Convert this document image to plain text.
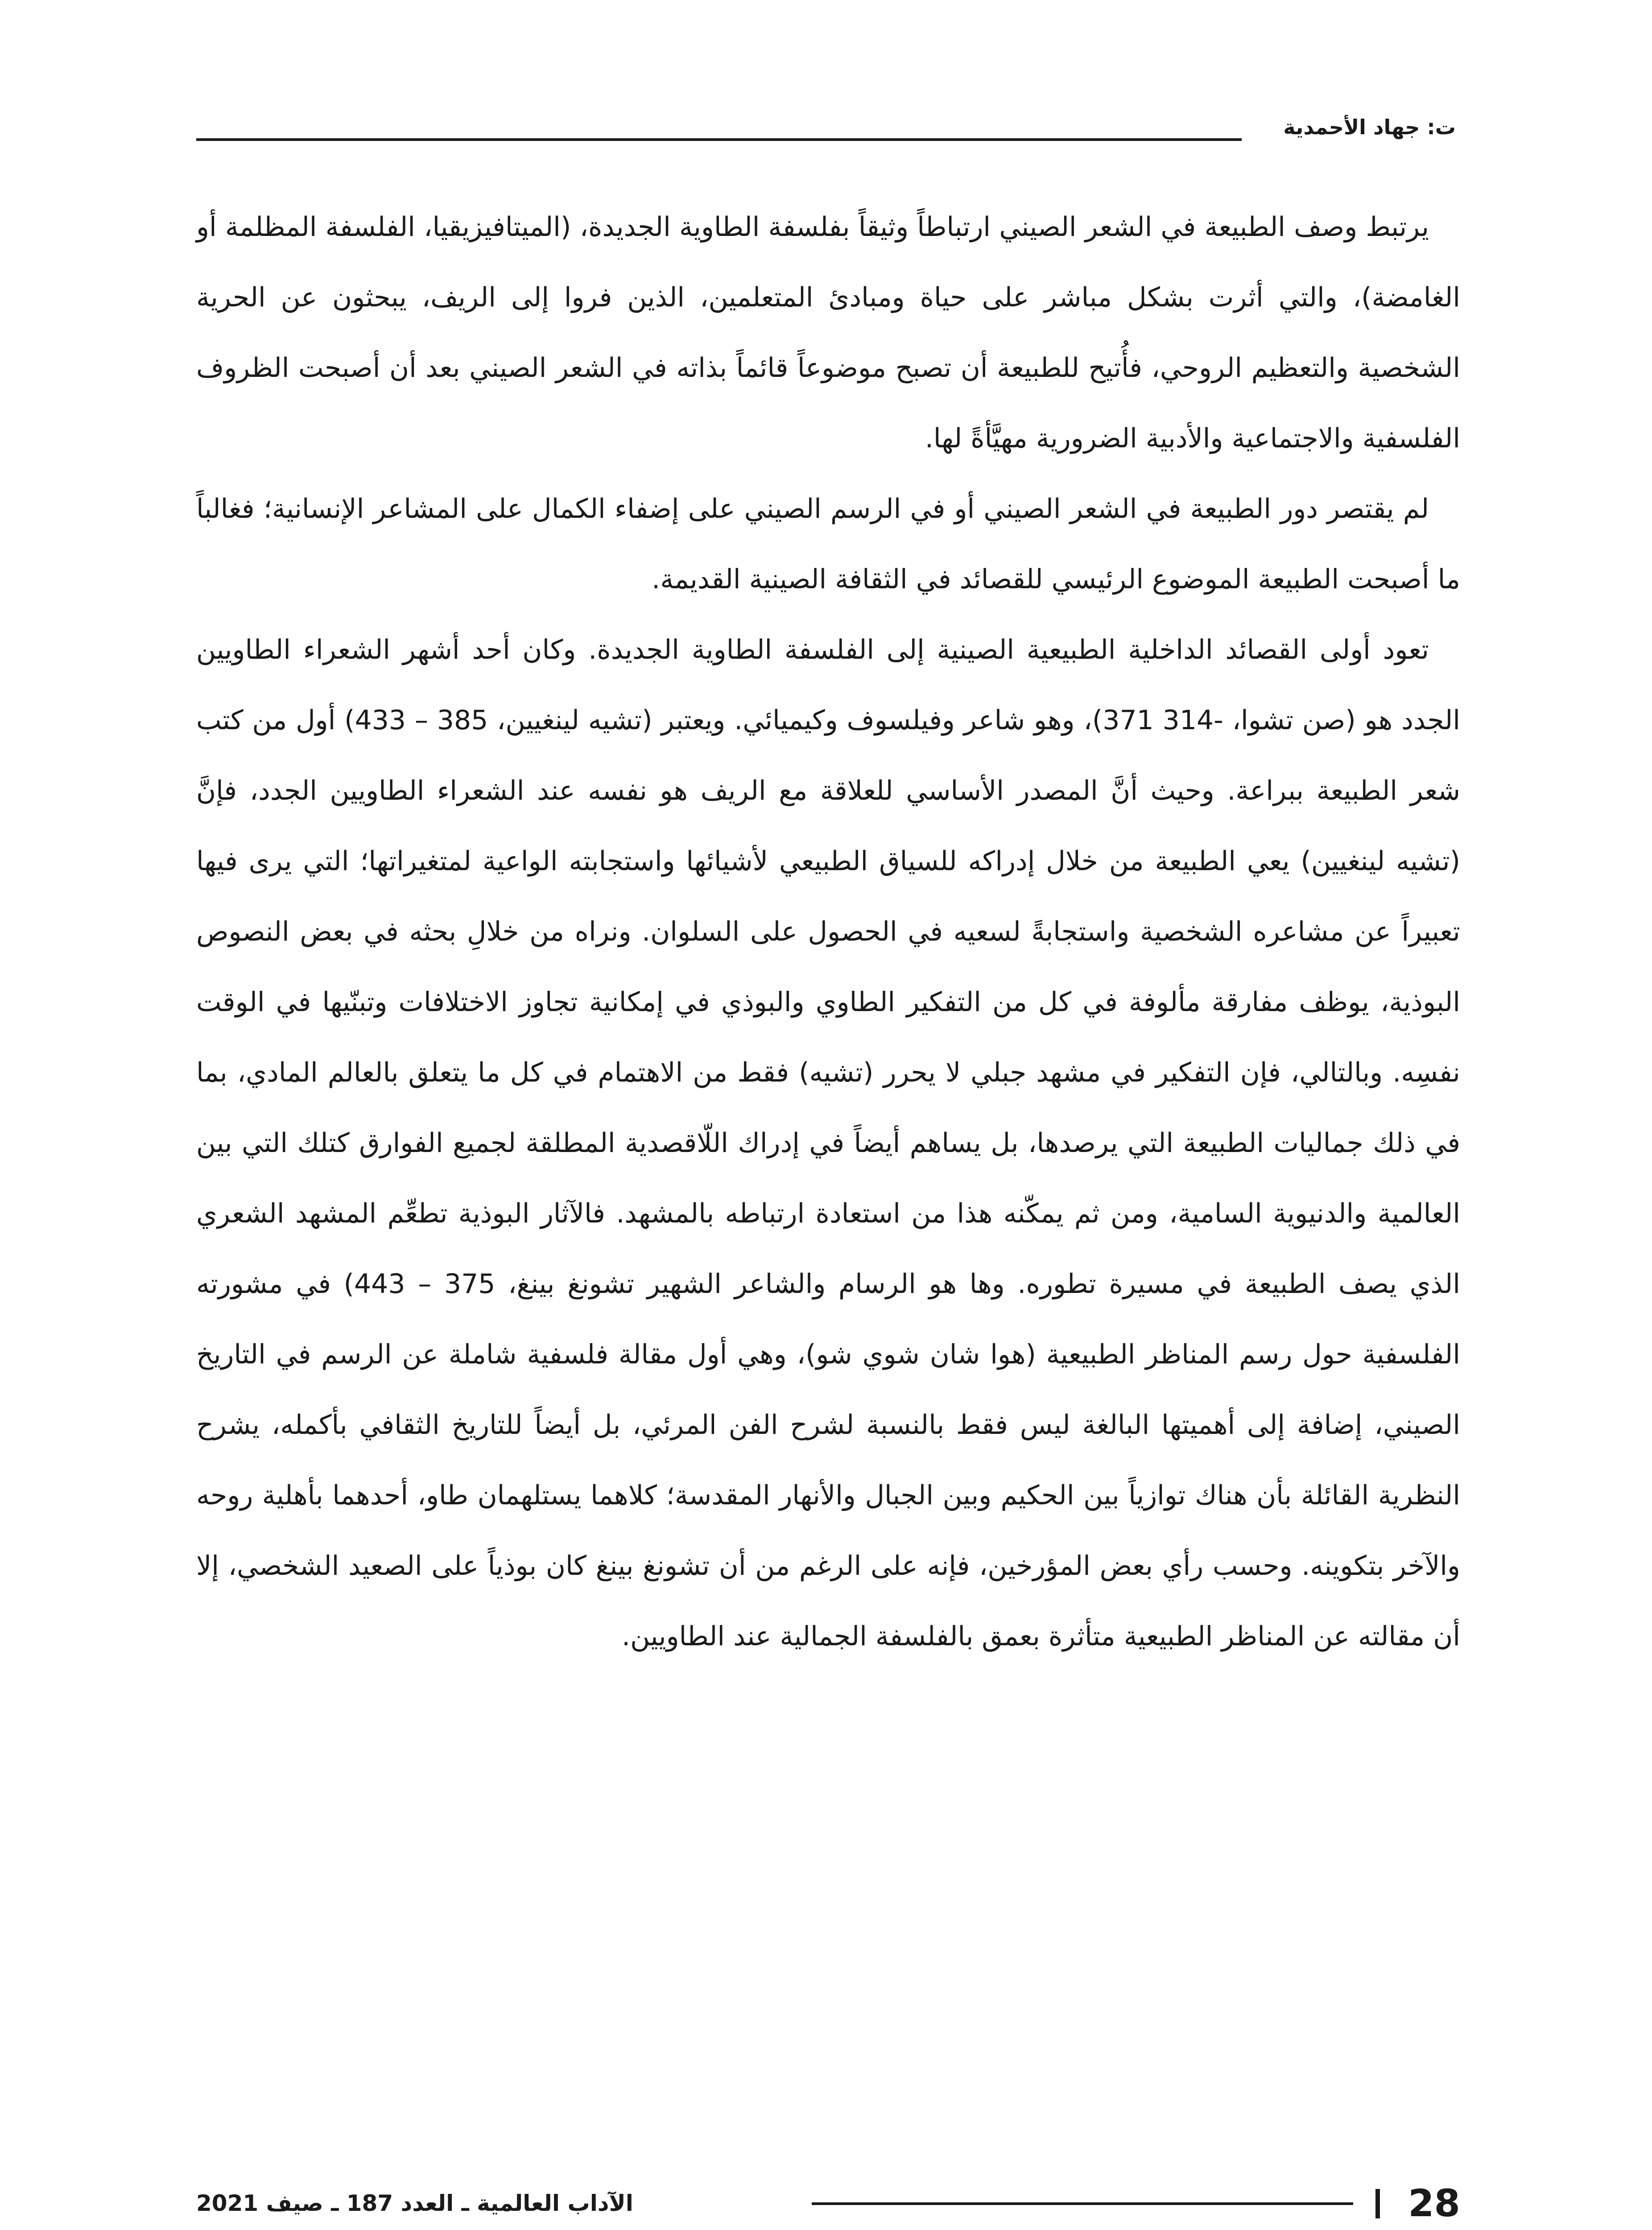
ت: جهاد الأحمدية

يرتبط وصف الطبيعة في الشعر الصيني ارتباطاً وثيقاً بفلسفة الطاوية الجديدة، (الميتافيزيقيا، الفلسفة المظلمة أو الغامضة)، والتي أثرت بشكل مباشر على حياة ومبادئ المتعلمين، الذين فروا إلى الريف، يبحثون عن الحرية الشخصية والتعظيم الروحي، فأُتيح للطبيعة أن تصبح موضوعاً قائماً بذاته في الشعر الصيني بعد أن أصبحت الظروف الفلسفية والاجتماعية والأدبية الضرورية مهيَّأةً لها.

لم يقتصر دور الطبيعة في الشعر الصيني أو في الرسم الصيني على إضفاء الكمال على المشاعر الإنسانية؛ فغالباً ما أصبحت الطبيعة الموضوع الرئيسي للقصائد في الثقافة الصينية القديمة.

تعود أولى القصائد الداخلية الطبيعية الصينية إلى الفلسفة الطاوية الجديدة. وكان أحد أشهر الشعراء الطاويين الجدد هو (صن تشوا، -314 371)، وهو شاعر وفيلسوف وكيميائي. ويعتبر (تشيه لينغيين، 385 – 433) أول من كتب شعر الطبيعة ببراعة. وحيث أنَّ المصدر الأساسي للعلاقة مع الريف هو نفسه عند الشعراء الطاويين الجدد، فإنَّ (تشيه لينغيين) يعي الطبيعة من خلال إدراكه للسياق الطبيعي لأشيائها واستجابته الواعية لمتغيراتها؛ التي يرى فيها تعبيراً عن مشاعره الشخصية واستجابةً لسعيه في الحصول على السلوان. ونراه من خلالِ بحثه في بعض النصوص البوذية، يوظف مفارقة مألوفة في كل من التفكير الطاوي والبوذي في إمكانية تجاوز الاختلافات وتبنّيها في الوقت نفسِه. وبالتالي، فإن التفكير في مشهد جبلي لا يحرر (تشيه) فقط من الاهتمام في كل ما يتعلق بالعالم المادي، بما في ذلك جماليات الطبيعة التي يرصدها، بل يساهم أيضاً في إدراك اللّاقصدية المطلقة لجميع الفوارق كتلك التي بين العالمية والدنيوية السامية، ومن ثم يمكّنه هذا من استعادة ارتباطه بالمشهد. فالآثار البوذية تطعِّم المشهد الشعري الذي يصف الطبيعة في مسيرة تطوره. وها هو الرسام والشاعر الشهير تشونغ بينغ، 375 – 443) في مشورته الفلسفية حول رسم المناظر الطبيعية (هوا شان شوي شو)، وهي أول مقالة فلسفية شاملة عن الرسم في التاريخ الصيني، إضافة إلى أهميتها البالغة ليس فقط بالنسبة لشرح الفن المرئي، بل أيضاً للتاريخ الثقافي بأكمله، يشرح النظرية القائلة بأن هناك توازياً بين الحكيم وبين الجبال والأنهار المقدسة؛ كلاهما يستلهمان طاو، أحدهما بأهلية روحه والآخر بتكوينه. وحسب رأي بعض المؤرخين، فإنه على الرغم من أن تشونغ بينغ كان بوذياً على الصعيد الشخصي، إلا أن مقالته عن المناظر الطبيعية متأثرة بعمق بالفلسفة الجمالية عند الطاويين.

28
الآداب العالمية ـ العدد 187 ـ صيف 2021
